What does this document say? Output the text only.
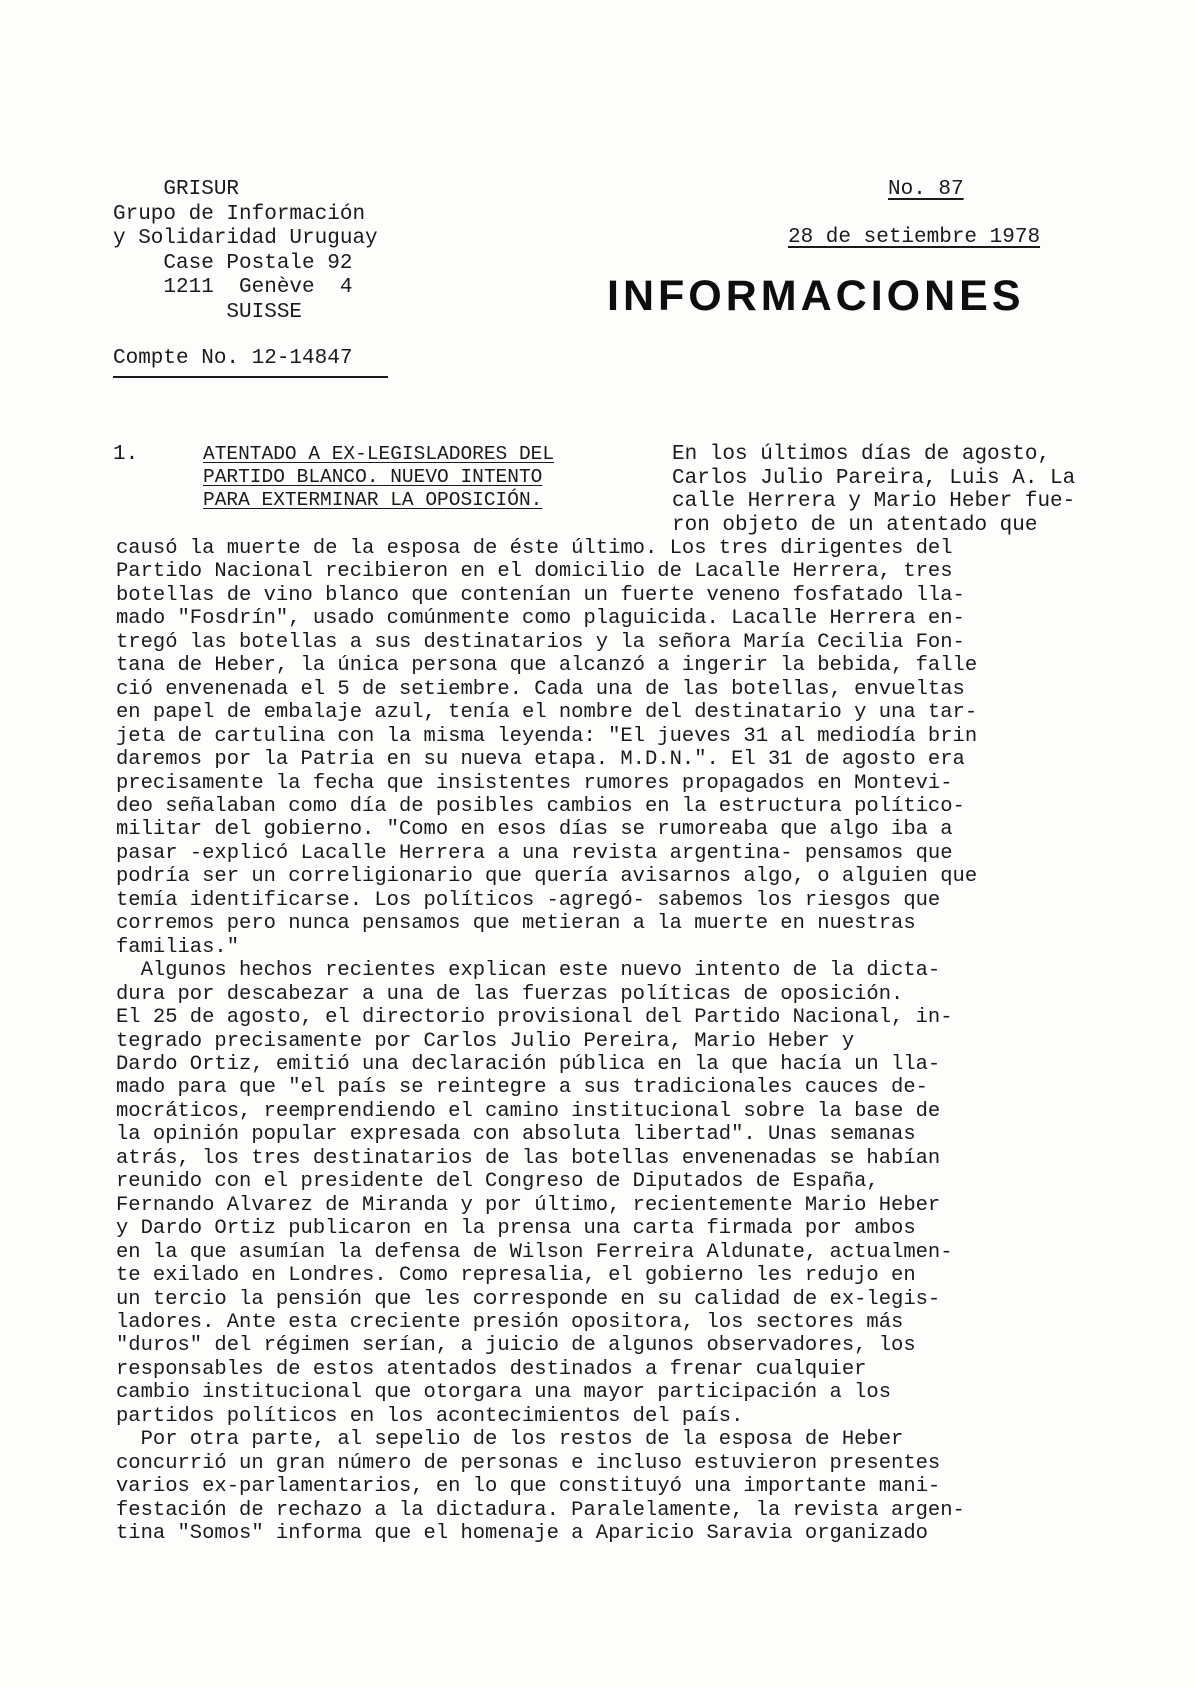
GRISUR
Grupo de Información
y Solidaridad Uruguay
Case Postale 92
1211  Genève  4
SUISSE
Compte No. 12-14847
No. 87
28 de setiembre 1978
INFORMACIONES
1.	ATENTADO A EX-LEGISLADORES DEL
PARTIDO BLANCO. NUEVO INTENTO
PARA EXTERMINAR LA OPOSICIÓN.
En los últimos días de agosto,
Carlos Julio Pareira, Luis A. La
calle Herrera y Mario Heber fue-
ron objeto de un atentado que
causó la muerte de la esposa de éste último. Los tres dirigentes del
Partido Nacional recibieron en el domicilio de Lacalle Herrera, tres
botellas de vino blanco que contenían un fuerte veneno fosfatado lla-
mado "Fosdrín", usado comúnmente como plaguicida. Lacalle Herrera en-
tregó las botellas a sus destinatarios y la señora María Cecilia Fon-
tana de Heber, la única persona que alcanzó a ingerir la bebida, falle
ció envenenada el 5 de setiembre. Cada una de las botellas, envueltas
en papel de embalaje azul, tenía el nombre del destinatario y una tar-
jeta de cartulina con la misma leyenda: "El jueves 31 al mediodía brin
daremos por la Patria en su nueva etapa. M.D.N.". El 31 de agosto era
precisamente la fecha que insistentes rumores propagados en Montevi-
deo señalaban como día de posibles cambios en la estructura político-
militar del gobierno. "Como en esos días se rumoreaba que algo iba a
pasar -explicó Lacalle Herrera a una revista argentina- pensamos que
podría ser un correligionario que quería avisarnos algo, o alguien que
temía identificarse. Los políticos -agregó- sabemos los riesgos que
corremos pero nunca pensamos que metieran a la muerte en nuestras
familias."
Algunos hechos recientes explican este nuevo intento de la dicta-
dura por descabezar a una de las fuerzas políticas de oposición.
El 25 de agosto, el directorio provisional del Partido Nacional, in-
tegrado precisamente por Carlos Julio Pereira, Mario Heber y
Dardo Ortiz, emitió una declaración pública en la que hacía un lla-
mado para que "el país se reintegre a sus tradicionales cauces de-
mocráticos, reemprendiendo el camino institucional sobre la base de
la opinión popular expresada con absoluta libertad". Unas semanas
atrás, los tres destinatarios de las botellas envenenadas se habían
reunido con el presidente del Congreso de Diputados de España,
Fernando Alvarez de Miranda y por último, recientemente Mario Heber
y Dardo Ortiz publicaron en la prensa una carta firmada por ambos
en la que asumían la defensa de Wilson Ferreira Aldunate, actualmen-
te exilado en Londres. Como represalia, el gobierno les redujo en
un tercio la pensión que les corresponde en su calidad de ex-legis-
ladores. Ante esta creciente presión opositora, los sectores más
"duros" del régimen serían, a juicio de algunos observadores, los
responsables de estos atentados destinados a frenar cualquier
cambio institucional que otorgara una mayor participación a los
partidos políticos en los acontecimientos del país.
Por otra parte, al sepelio de los restos de la esposa de Heber
concurrió un gran número de personas e incluso estuvieron presentes
varios ex-parlamentarios, en lo que constituyó una importante mani-
festación de rechazo a la dictadura. Paralelamente, la revista argen-
tina "Somos" informa que el homenaje a Aparicio Saravia organizado
